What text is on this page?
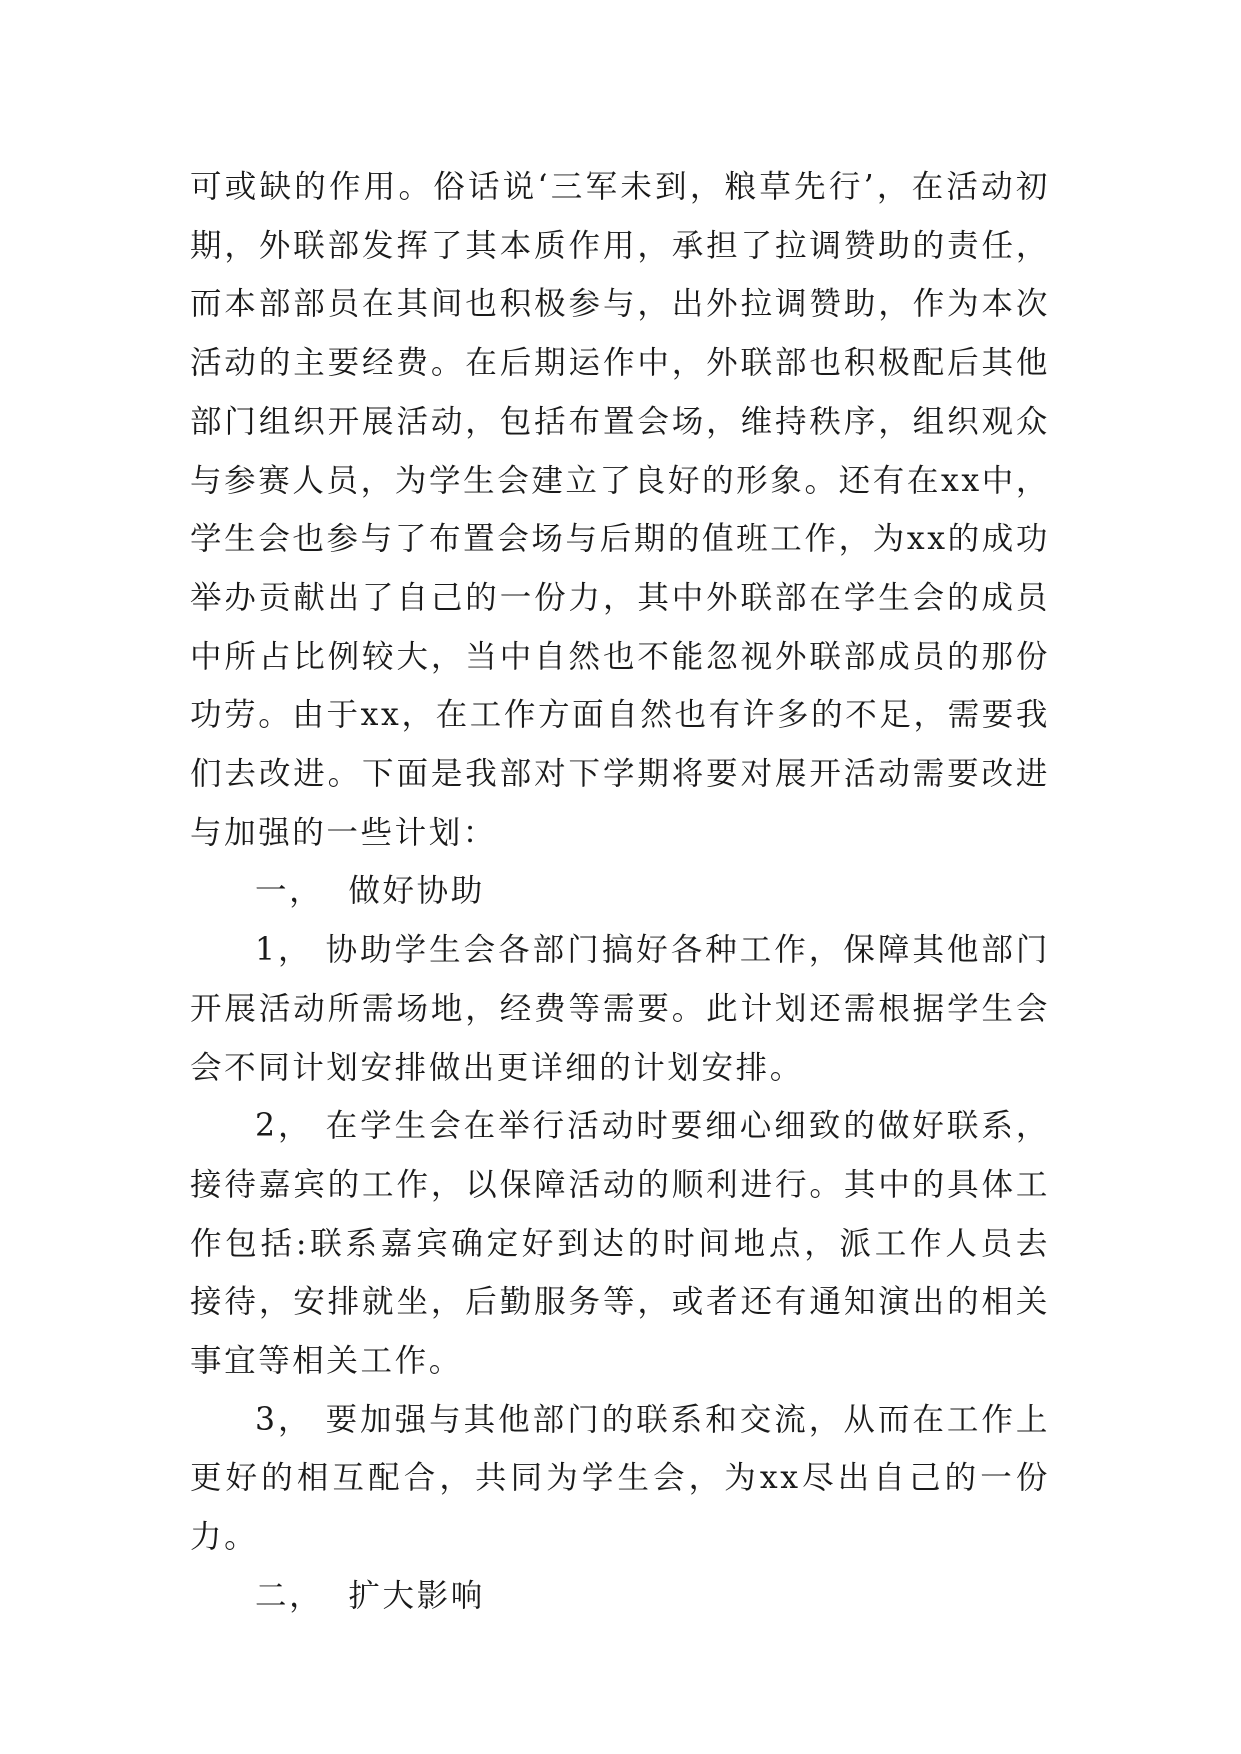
可或缺的作用。俗话说‘三军未到，粮草先行’，在活动初期，外联部发挥了其本质作用，承担了拉调赞助的责任，而本部部员在其间也积极参与，出外拉调赞助，作为本次活动的主要经费。在后期运作中，外联部也积极配后其他部门组织开展活动，包括布置会场，维持秩序，组织观众与参赛人员，为学生会建立了良好的形象。还有在xx中，学生会也参与了布置会场与后期的值班工作，为xx的成功举办贡献出了自己的一份力，其中外联部在学生会的成员中所占比例较大，当中自然也不能忽视外联部成员的那份功劳。由于xx，在工作方面自然也有许多的不足，需要我们去改进。下面是我部对下学期将要对展开活动需要改进与加强的一些计划：

一，  做好协助

1， 协助学生会各部门搞好各种工作，保障其他部门开展活动所需场地，经费等需要。此计划还需根据学生会会不同计划安排做出更详细的计划安排。

2， 在学生会在举行活动时要细心细致的做好联系，接待嘉宾的工作，以保障活动的顺利进行。其中的具体工作包括:联系嘉宾确定好到达的时间地点，派工作人员去接待，安排就坐，后勤服务等，或者还有通知演出的相关事宜等相关工作。

3， 要加强与其他部门的联系和交流，从而在工作上更好的相互配合，共同为学生会，为xx尽出自己的一份力。

二，  扩大影响
